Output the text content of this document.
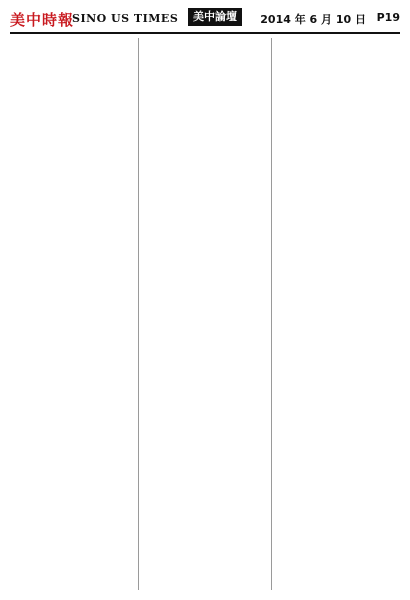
美中時報
SINO US TIMES	美中論壇	2014 年 6 月 10 日 P19
